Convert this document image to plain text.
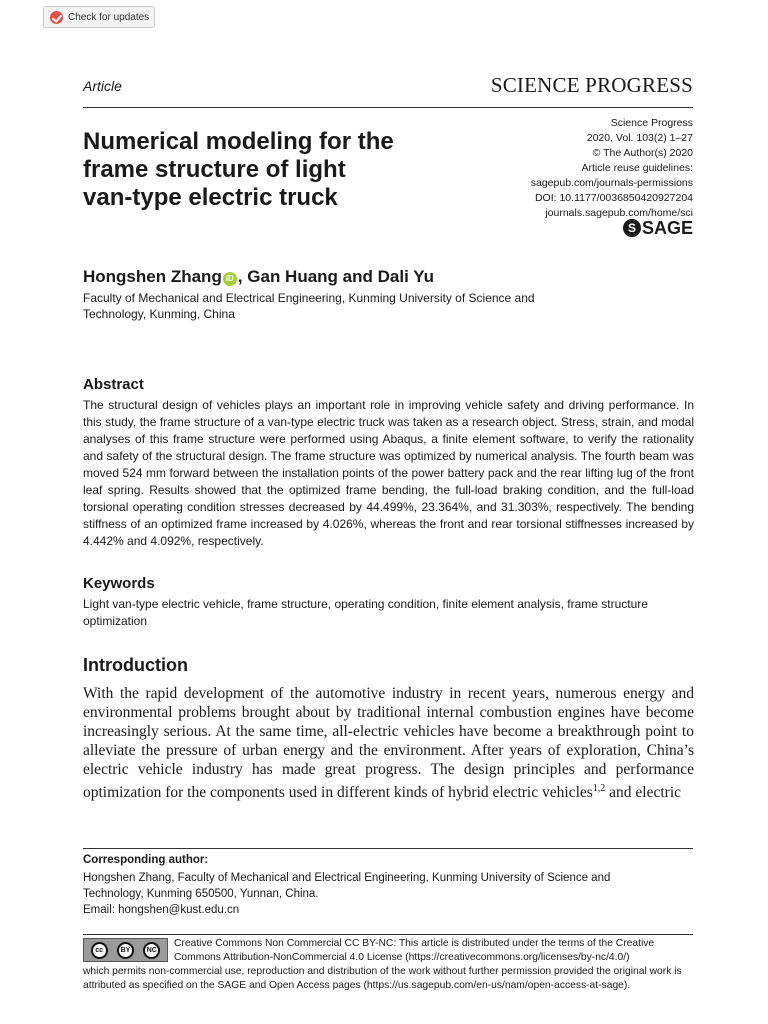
Check for updates
Article	SCIENCE PROGRESS
Numerical modeling for the
frame structure of light
van-type electric truck
Science Progress
2020, Vol. 103(2) 1–27
© The Author(s) 2020
Article reuse guidelines:
sagepub.com/journals-permissions
DOI: 10.1177/0036850420927204
journals.sagepub.com/home/sci
S SAGE
Hongshen Zhang iD , Gan Huang and Dali Yu
Faculty of Mechanical and Electrical Engineering, Kunming University of Science and Technology, Kunming, China
Abstract
The structural design of vehicles plays an important role in improving vehicle safety and driving performance. In this study, the frame structure of a van-type electric truck was taken as a research object. Stress, strain, and modal analyses of this frame structure were performed using Abaqus, a finite element software, to verify the rationality and safety of the structural design. The frame structure was optimized by numerical analysis. The fourth beam was moved 524 mm forward between the installation points of the power battery pack and the rear lifting lug of the front leaf spring. Results showed that the optimized frame bending, the full-load braking condition, and the full-load torsional operating condition stresses decreased by 44.499%, 23.364%, and 31.303%, respectively. The bending stiffness of an optimized frame increased by 4.026%, whereas the front and rear torsional stiffnesses increased by 4.442% and 4.092%, respectively.
Keywords
Light van-type electric vehicle, frame structure, operating condition, finite element analysis, frame structure optimization
Introduction
With the rapid development of the automotive industry in recent years, numerous energy and environmental problems brought about by traditional internal combustion engines have become increasingly serious. At the same time, all-electric vehicles have become a breakthrough point to alleviate the pressure of urban energy and the environment. After years of exploration, China’s electric vehicle industry has made great progress. The design principles and performance optimization for the components used in different kinds of hybrid electric vehicles$^{1,2}$ and electric
Corresponding author:
Hongshen Zhang, Faculty of Mechanical and Electrical Engineering, Kunming University of Science and
Technology, Kunming 650500, Yunnan, China.
Email: hongshen@kust.edu.cn
cc	BY	NC
Creative Commons Non Commercial CC BY-NC: This article is distributed under the terms of the Creative Commons Attribution-NonCommercial 4.0 License (https://creativecommons.org/licenses/by-nc/4.0/)
which permits non-commercial use, reproduction and distribution of the work without further permission provided the original work is attributed as specified on the SAGE and Open Access pages (https://us.sagepub.com/en-us/nam/open-access-at-sage).
